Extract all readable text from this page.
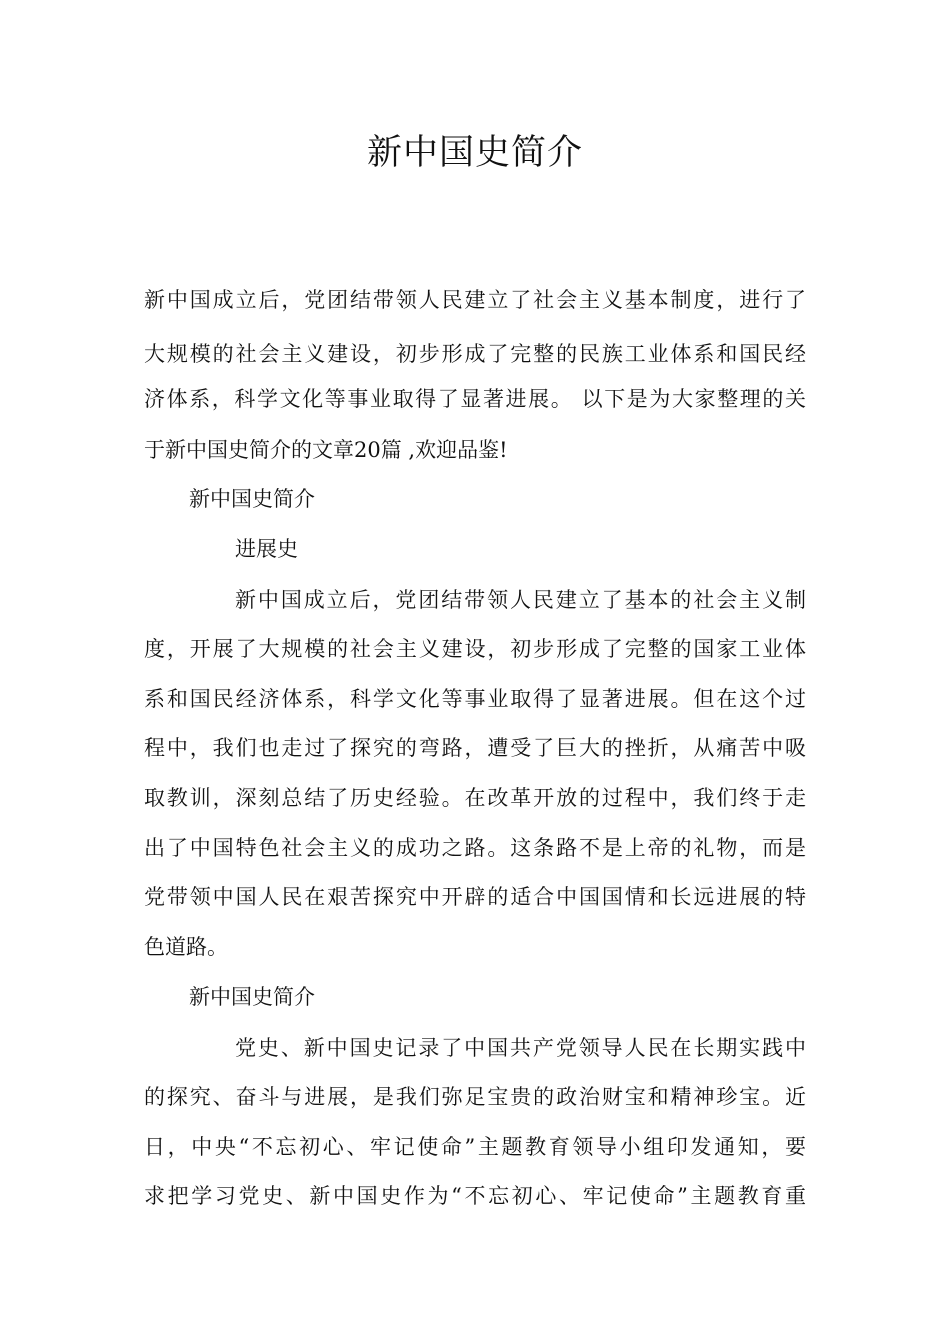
新中国史简介
新中国成立后，党团结带领人民建立了社会主义基本制度，进行了
大规模的社会主义建设，初步形成了完整的民族工业体系和国民经
济体系，科学文化等事业取得了显著进展。 以下是为大家整理的关
于新中国史简介的文章20篇 ,欢迎品鉴!
新中国史简介
进展史
新中国成立后，党团结带领人民建立了基本的社会主义制
度，开展了大规模的社会主义建设，初步形成了完整的国家工业体
系和国民经济体系，科学文化等事业取得了显著进展。但在这个过
程中，我们也走过了探究的弯路，遭受了巨大的挫折，从痛苦中吸
取教训，深刻总结了历史经验。在改革开放的过程中，我们终于走
出了中国特色社会主义的成功之路。这条路不是上帝的礼物，而是
党带领中国人民在艰苦探究中开辟的适合中国国情和长远进展的特
色道路。
新中国史简介
党史、新中国史记录了中国共产党领导人民在长期实践中
的探究、奋斗与进展，是我们弥足宝贵的政治财宝和精神珍宝。近
日，中央“不忘初心、牢记使命”主题教育领导小组印发通知，要
求把学习党史、新中国史作为“不忘初心、牢记使命”主题教育重
